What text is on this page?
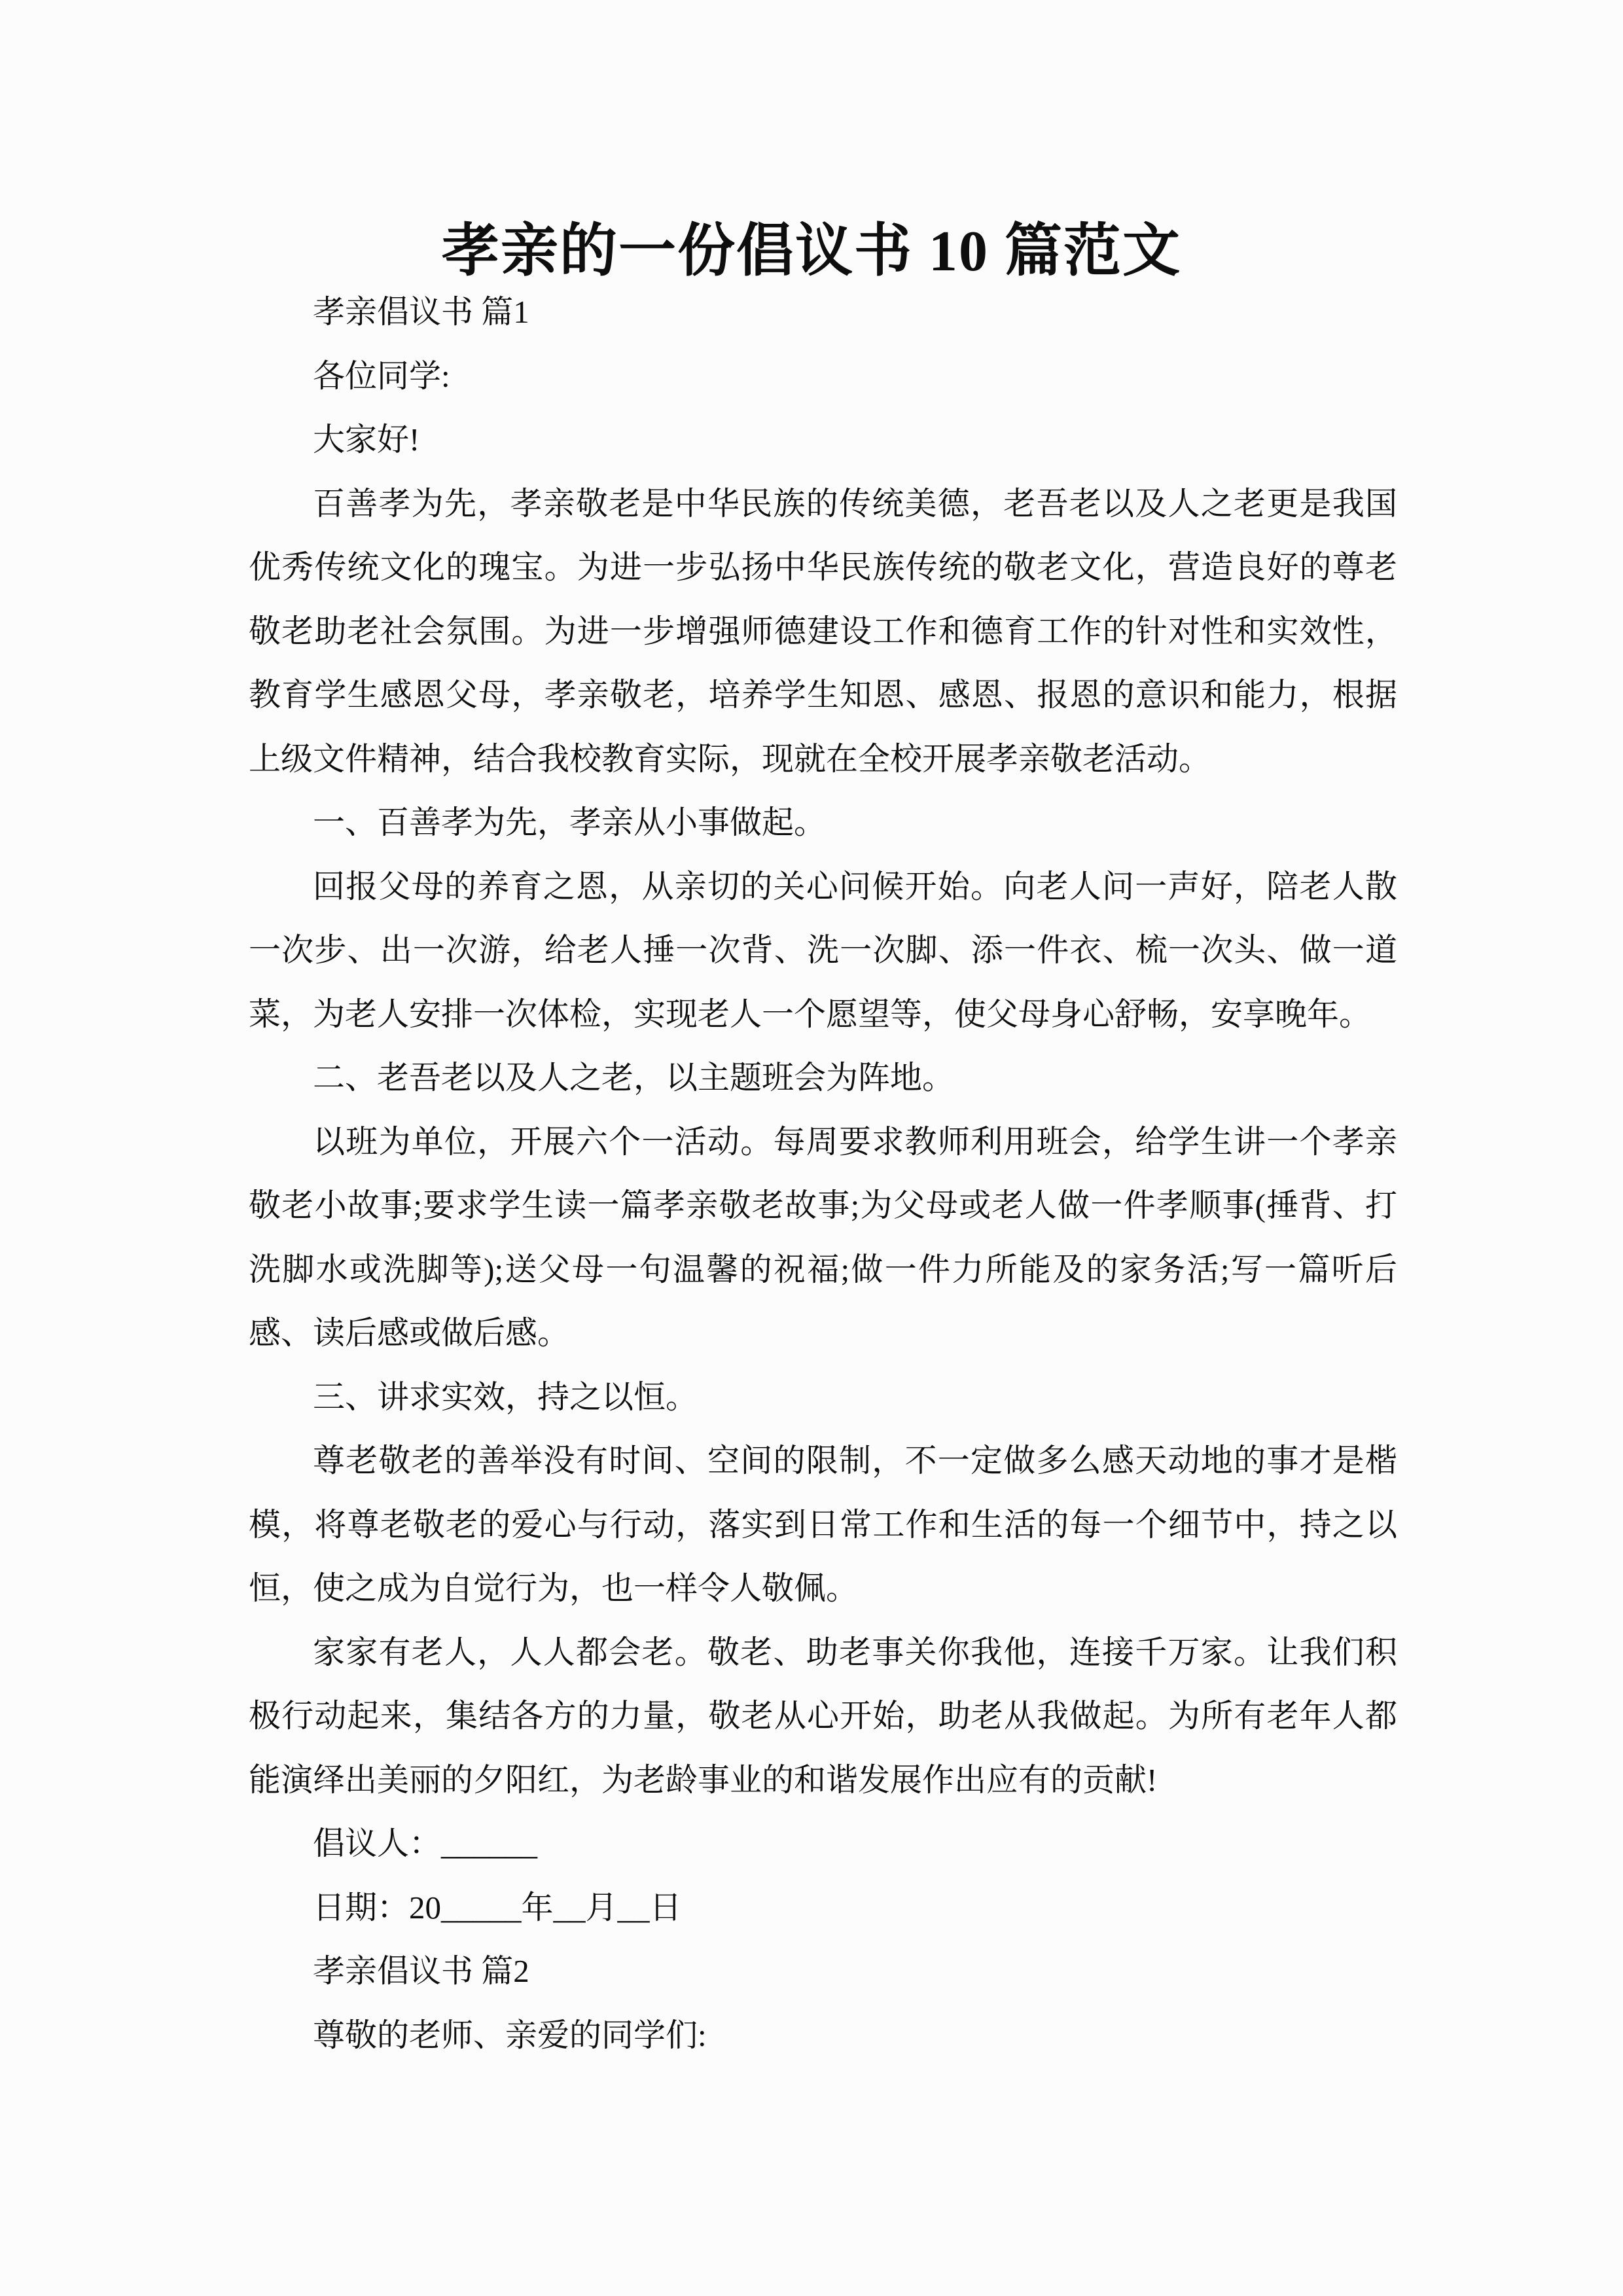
孝亲的一份倡议书 10 篇范文

孝亲倡议书 篇1

各位同学:

大家好!

百善孝为先，孝亲敬老是中华民族的传统美德，老吾老以及人之老更是我国优秀传统文化的瑰宝。为进一步弘扬中华民族传统的敬老文化，营造良好的尊老敬老助老社会氛围。为进一步增强师德建设工作和德育工作的针对性和实效性，教育学生感恩父母，孝亲敬老，培养学生知恩、感恩、报恩的意识和能力，根据上级文件精神，结合我校教育实际，现就在全校开展孝亲敬老活动。

一、百善孝为先，孝亲从小事做起。

回报父母的养育之恩，从亲切的关心问候开始。向老人问一声好，陪老人散一次步、出一次游，给老人捶一次背、洗一次脚、添一件衣、梳一次头、做一道菜，为老人安排一次体检，实现老人一个愿望等，使父母身心舒畅，安享晚年。

二、老吾老以及人之老，以主题班会为阵地。

以班为单位，开展六个一活动。每周要求教师利用班会，给学生讲一个孝亲敬老小故事;要求学生读一篇孝亲敬老故事;为父母或老人做一件孝顺事(捶背、打洗脚水或洗脚等);送父母一句温馨的祝福;做一件力所能及的家务活;写一篇听后感、读后感或做后感。

三、讲求实效，持之以恒。

尊老敬老的善举没有时间、空间的限制，不一定做多么感天动地的事才是楷模，将尊老敬老的爱心与行动，落实到日常工作和生活的每一个细节中，持之以恒，使之成为自觉行为，也一样令人敬佩。

家家有老人，人人都会老。敬老、助老事关你我他，连接千万家。让我们积极行动起来，集结各方的力量，敬老从心开始，助老从我做起。为所有老年人都能演绎出美丽的夕阳红，为老龄事业的和谐发展作出应有的贡献!

倡议人：______

日期：20_____年__月__日

孝亲倡议书 篇2

尊敬的老师、亲爱的同学们:
